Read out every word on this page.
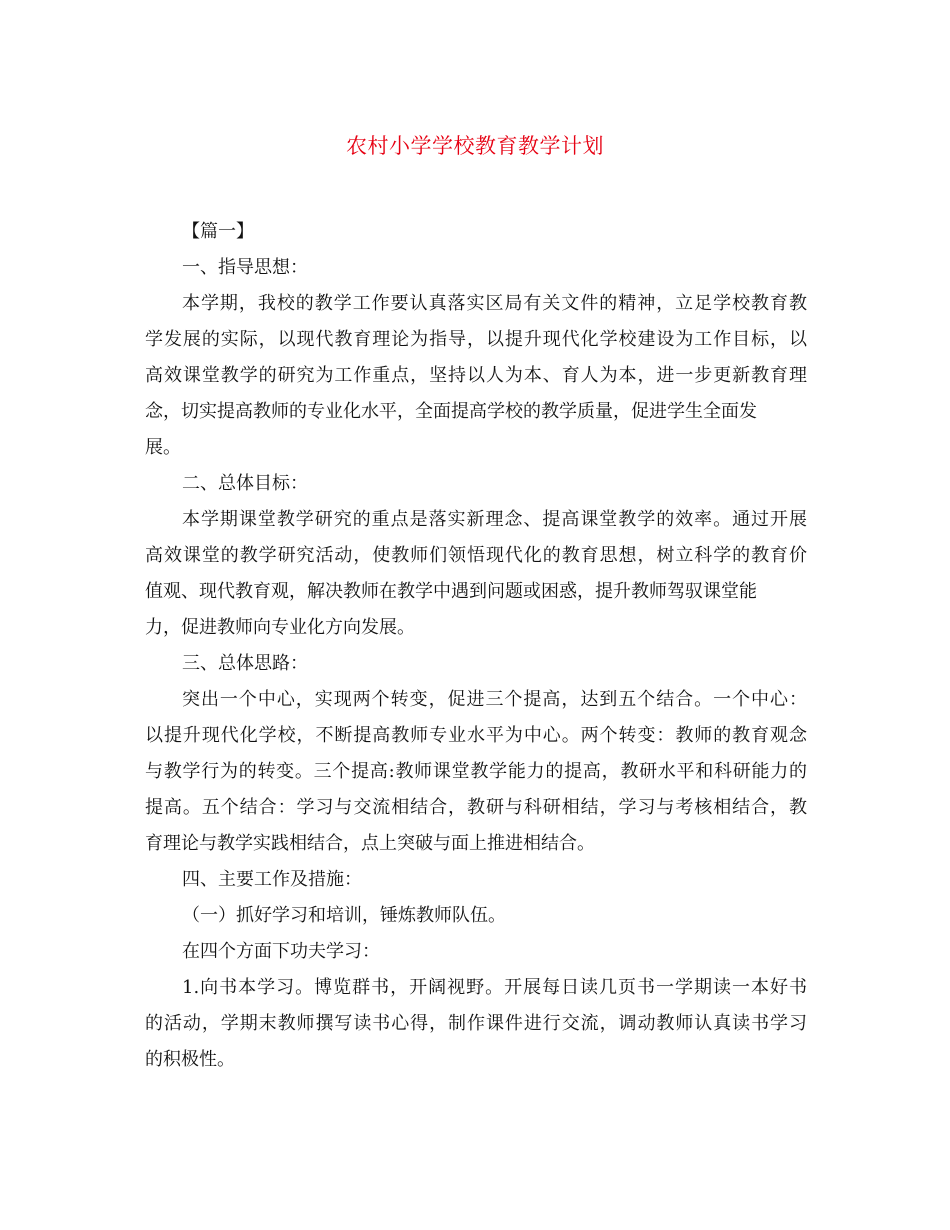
农村小学学校教育教学计划
【篇一】
一、指导思想：
本学期，我校的教学工作要认真落实区局有关文件的精神，立足学校教育教
学发展的实际，以现代教育理论为指导，以提升现代化学校建设为工作目标，以
高效课堂教学的研究为工作重点，坚持以人为本、育人为本，进一步更新教育理
念，切实提高教师的专业化水平，全面提高学校的教学质量，促进学生全面发
展。
二、总体目标：
本学期课堂教学研究的重点是落实新理念、提高课堂教学的效率。通过开展
高效课堂的教学研究活动，使教师们领悟现代化的教育思想，树立科学的教育价
值观、现代教育观，解决教师在教学中遇到问题或困惑，提升教师驾驭课堂能
力，促进教师向专业化方向发展。
三、总体思路：
突出一个中心，实现两个转变，促进三个提高，达到五个结合。一个中心：
以提升现代化学校，不断提高教师专业水平为中心。两个转变：教师的教育观念
与教学行为的转变。三个提高:教师课堂教学能力的提高，教研水平和科研能力的
提高。五个结合：学习与交流相结合，教研与科研相结，学习与考核相结合，教
育理论与教学实践相结合，点上突破与面上推进相结合。
四、主要工作及措施：
（一）抓好学习和培训，锤炼教师队伍。
在四个方面下功夫学习：
1.向书本学习。博览群书，开阔视野。开展每日读几页书一学期读一本好书
的活动，学期末教师撰写读书心得，制作课件进行交流，调动教师认真读书学习
的积极性。
